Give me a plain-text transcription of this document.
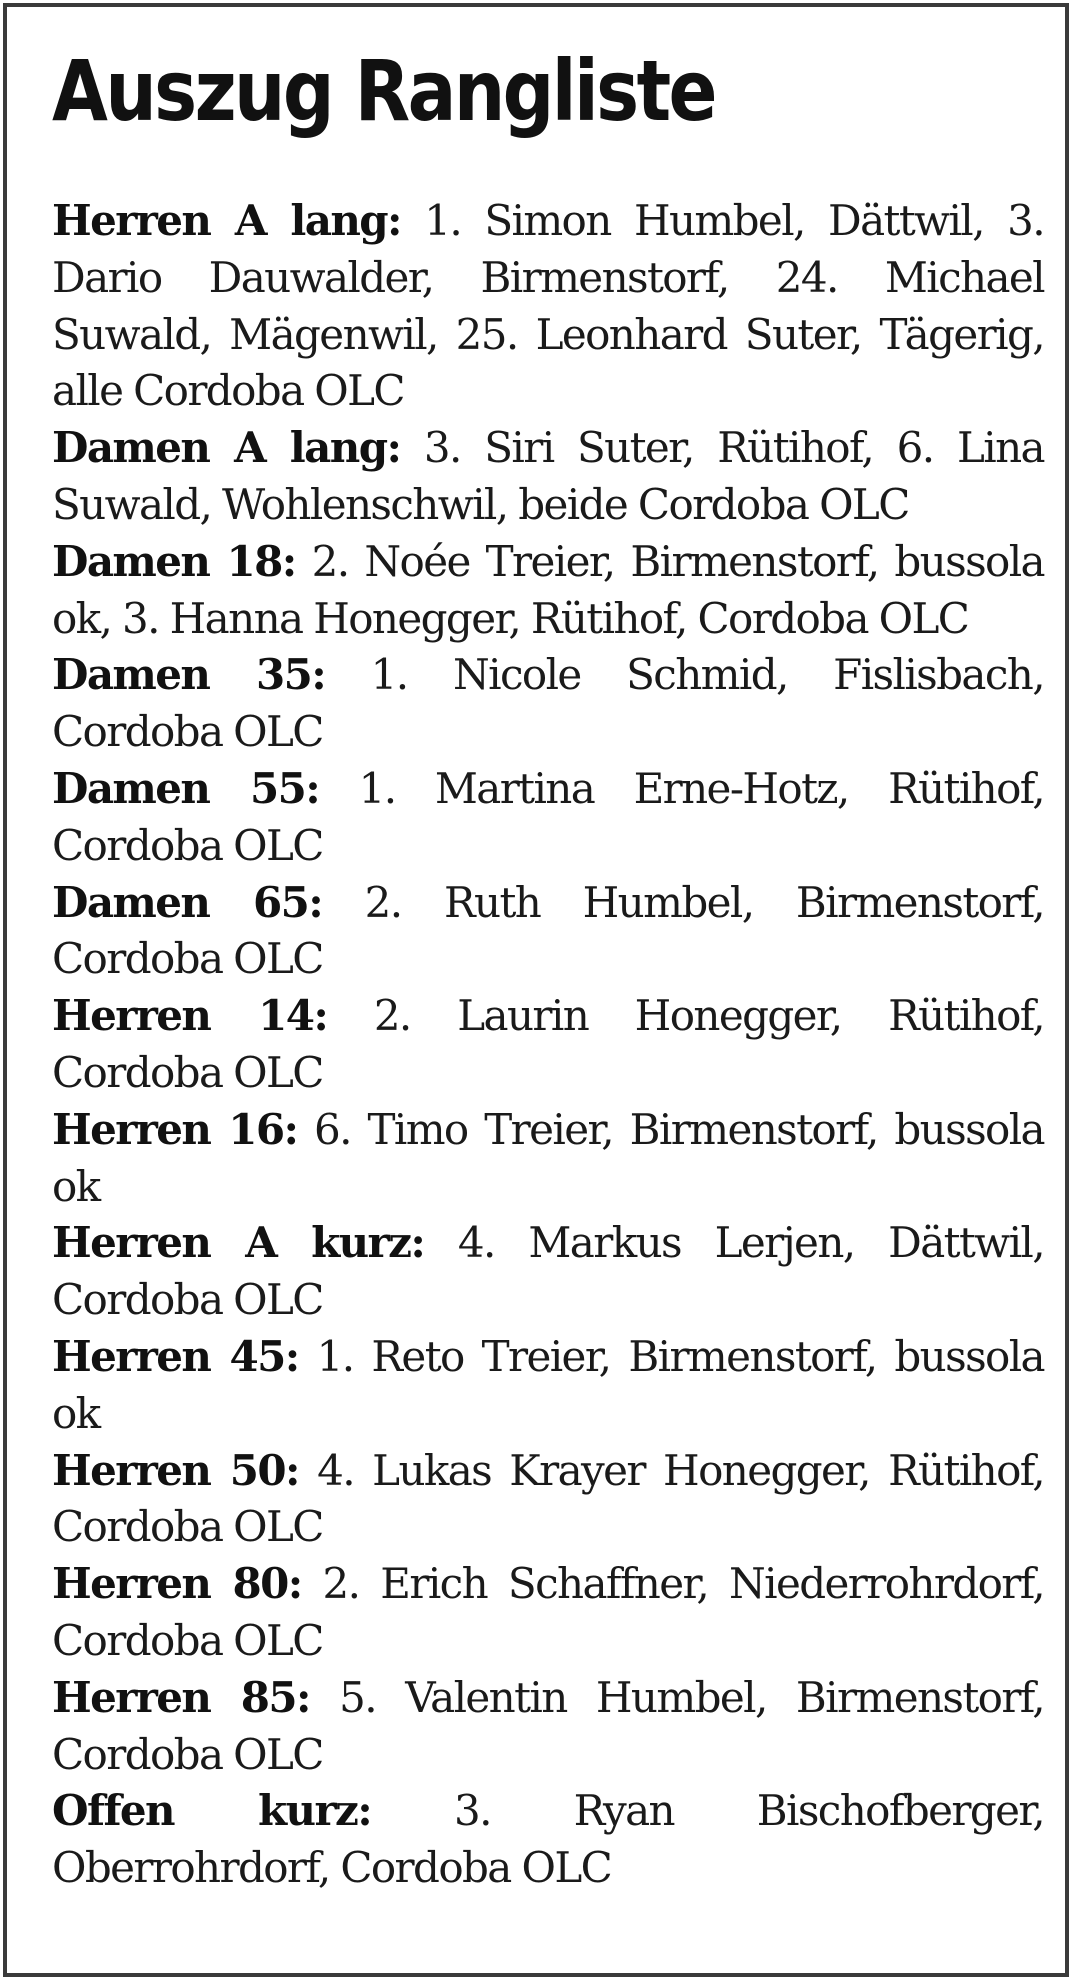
Auszug Rangliste

Herren A lang: 1. Simon Humbel, Dättwil, 3. Dario Dauwalder, Birmenstorf, 24. Michael Suwald, Mägenwil, 25. Leonhard Suter, Tägerig, alle Cordoba OLC

Damen A lang: 3. Siri Suter, Rütihof, 6. Lina Suwald, Wohlenschwil, beide Cordoba OLC

Damen 18: 2. Noée Treier, Birmenstorf, bussola ok, 3. Hanna Honegger, Rütihof, Cordoba OLC

Damen 35: 1. Nicole Schmid, Fislisbach, Cordoba OLC

Damen 55: 1. Martina Erne-Hotz, Rütihof, Cordoba OLC

Damen 65: 2. Ruth Humbel, Birmenstorf, Cordoba OLC

Herren 14: 2. Laurin Honegger, Rütihof, Cordoba OLC

Herren 16: 6. Timo Treier, Birmenstorf, bussola ok

Herren A kurz: 4. Markus Lerjen, Dättwil, Cordoba OLC

Herren 45: 1. Reto Treier, Birmenstorf, bussola ok

Herren 50: 4. Lukas Krayer Honegger, Rütihof, Cordoba OLC

Herren 80: 2. Erich Schaffner, Niederrohrdorf, Cordoba OLC

Herren 85: 5. Valentin Humbel, Birmenstorf, Cordoba OLC

Offen kurz: 3. Ryan Bischofberger, Oberrohrdorf, Cordoba OLC
